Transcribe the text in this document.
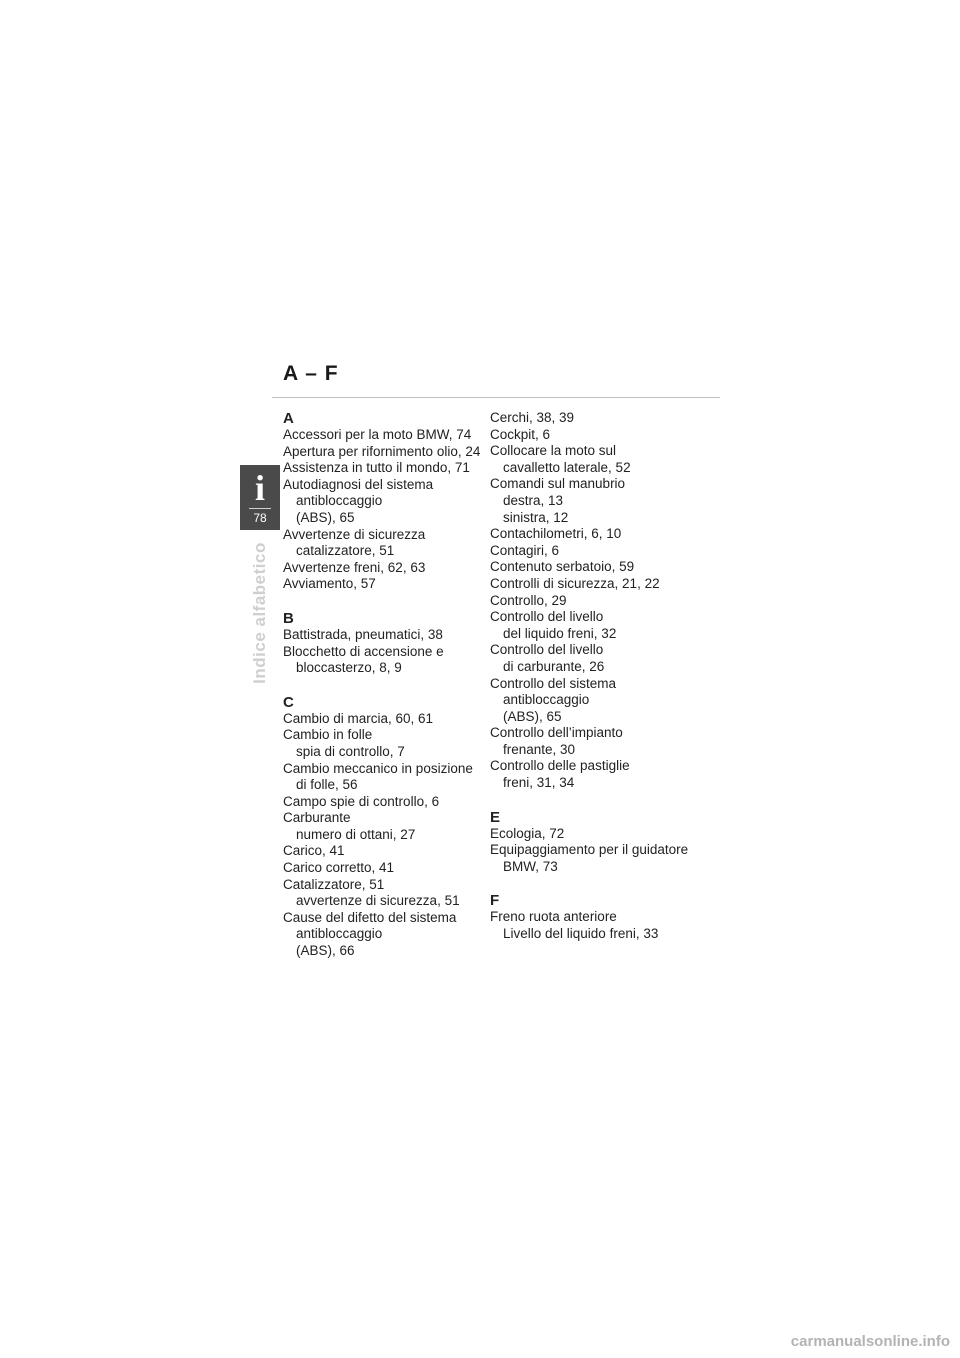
A – F
i
78
Indice alfabetico
A
Accessori per la moto BMW, 74
Apertura per rifornimento olio, 24
Assistenza in tutto il mondo, 71
Autodiagnosi del sistema
antibloccaggio
(ABS), 65
Avvertenze di sicurezza
catalizzatore, 51
Avvertenze freni, 62, 63
Avviamento, 57
B
Battistrada, pneumatici, 38
Blocchetto di accensione e
bloccasterzo, 8, 9
C
Cambio di marcia, 60, 61
Cambio in folle
spia di controllo, 7
Cambio meccanico in posizione
di folle, 56
Campo spie di controllo, 6
Carburante
numero di ottani, 27
Carico, 41
Carico corretto, 41
Catalizzatore, 51
avvertenze di sicurezza, 51
Cause del difetto del sistema
antibloccaggio
(ABS), 66
Cerchi, 38, 39
Cockpit, 6
Collocare la moto sul
cavalletto laterale, 52
Comandi sul manubrio
destra, 13
sinistra, 12
Contachilometri, 6, 10
Contagiri, 6
Contenuto serbatoio, 59
Controlli di sicurezza, 21, 22
Controllo, 29
Controllo del livello
del liquido freni, 32
Controllo del livello
di carburante, 26
Controllo del sistema
antibloccaggio
(ABS), 65
Controllo dell’impianto
frenante, 30
Controllo delle pastiglie
freni, 31, 34
E
Ecologia, 72
Equipaggiamento per il guidatore
BMW, 73
F
Freno ruota anteriore
Livello del liquido freni, 33
carmanualsonline.info
